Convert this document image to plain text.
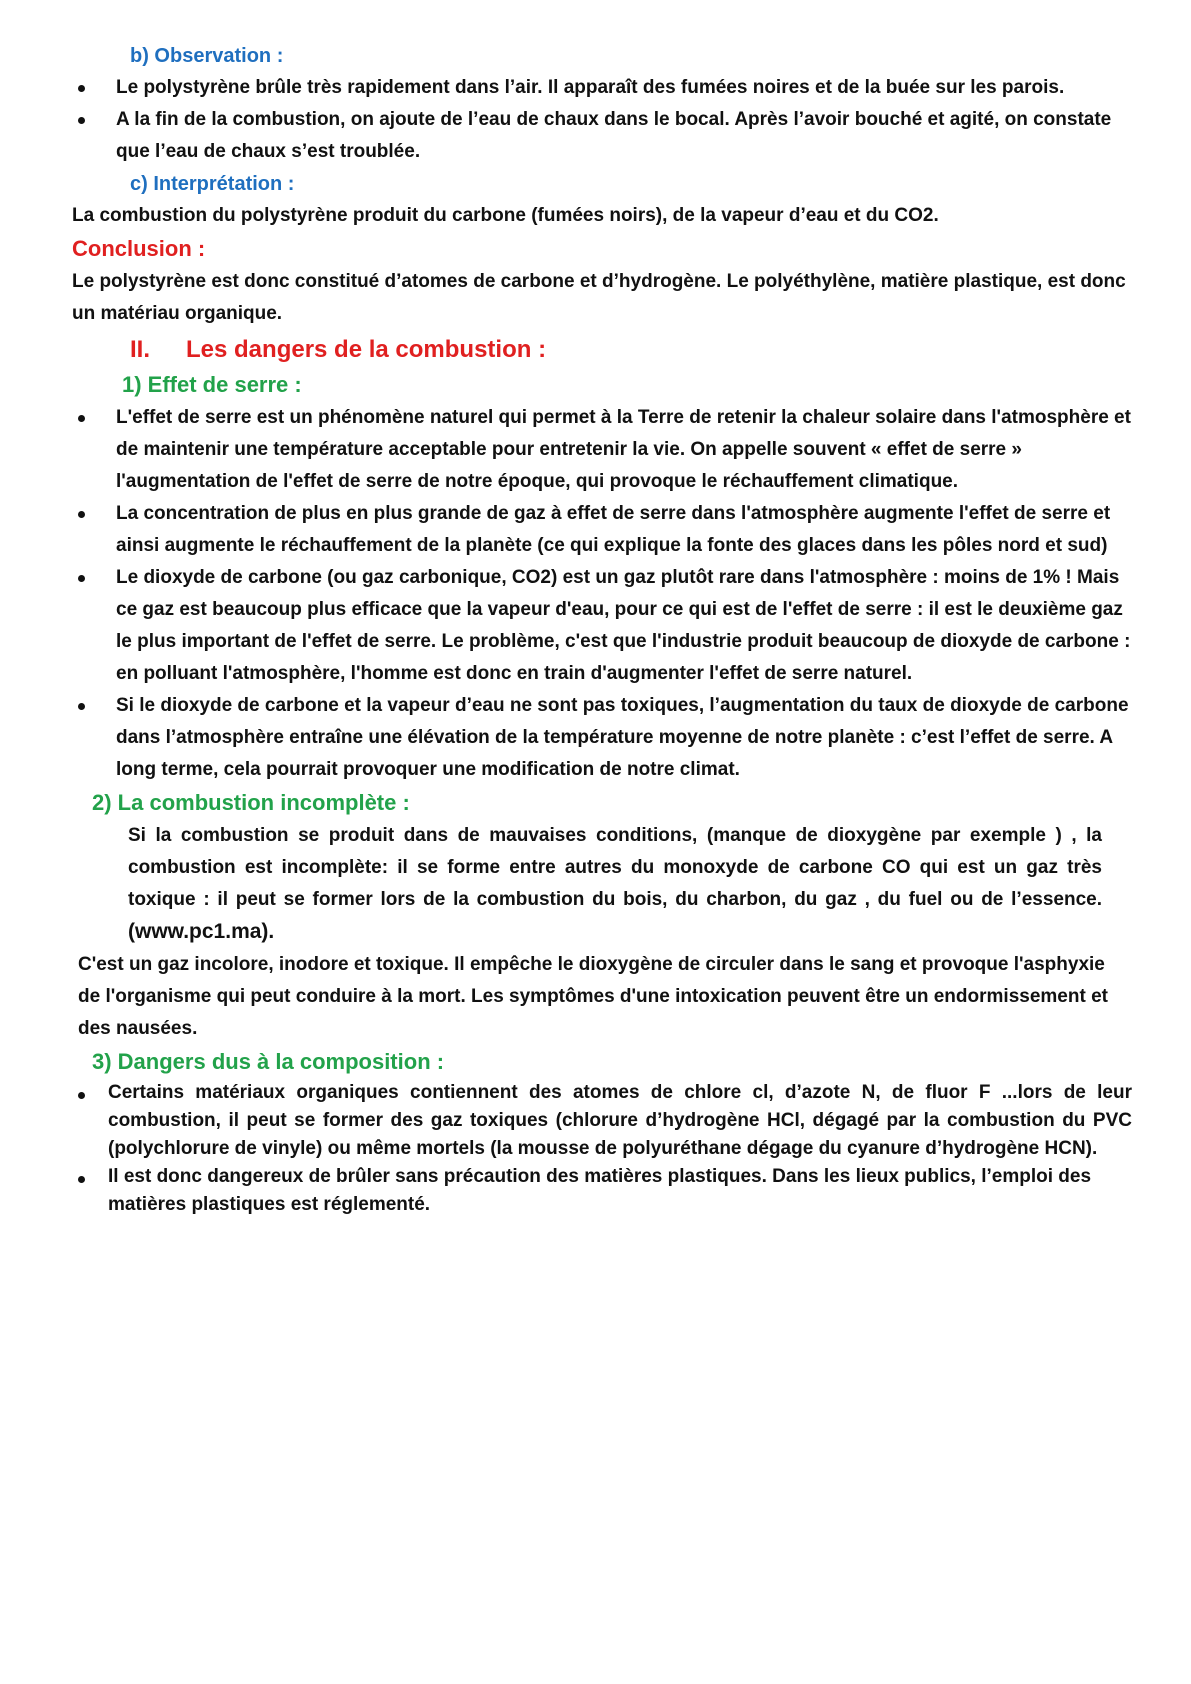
b) Observation :
Le polystyrène brûle très rapidement dans l’air. Il apparaît des fumées noires et de la buée sur les parois.
A la fin de la combustion, on ajoute de l’eau de chaux dans le bocal. Après l’avoir bouché et agité, on constate que l’eau de chaux s’est troublée.
c) Interprétation :
La combustion du polystyrène produit du carbone (fumées noirs), de la vapeur d’eau et du CO2.
Conclusion :
Le polystyrène est donc constitué d’atomes de carbone et d’hydrogène. Le polyéthylène, matière plastique, est donc un matériau organique.
II. Les dangers de la combustion :
1) Effet de serre :
L'effet de serre est un phénomène naturel qui permet à la Terre de retenir la chaleur solaire dans l'atmosphère et de maintenir une température acceptable pour entretenir la vie. On appelle souvent « effet de serre » l'augmentation de l'effet de serre de notre époque, qui provoque le réchauffement climatique.
La concentration de plus en plus grande de gaz à effet de serre dans l'atmosphère augmente l'effet de serre et ainsi augmente le réchauffement de la planète (ce qui explique la fonte des glaces dans les pôles nord et sud)
Le dioxyde de carbone (ou gaz carbonique, CO2) est un gaz plutôt rare dans l'atmosphère : moins de 1% ! Mais ce gaz est beaucoup plus efficace que la vapeur d'eau, pour ce qui est de l'effet de serre : il est le deuxième gaz le plus important de l'effet de serre. Le problème, c'est que l'industrie produit beaucoup de dioxyde de carbone : en polluant l'atmosphère, l'homme est donc en train d'augmenter l'effet de serre naturel.
Si le dioxyde de carbone et la vapeur d’eau ne sont pas toxiques, l’augmentation du taux de dioxyde de carbone dans l’atmosphère entraîne une élévation de la température moyenne de notre planète : c’est l’effet de serre. A long terme, cela pourrait provoquer une modification de notre climat.
2) La combustion incomplète :
Si la combustion se produit dans de mauvaises conditions, (manque de dioxygène par exemple ) , la combustion est incomplète: il se forme entre autres du monoxyde de carbone CO qui est un gaz très toxique : il peut se former lors de la combustion du bois, du charbon, du gaz , du fuel ou de l’essence. (www.pc1.ma).
C'est un gaz incolore, inodore et toxique. Il empêche le dioxygène de circuler dans le sang et provoque l'asphyxie de l'organisme qui peut conduire à la mort. Les symptômes d'une intoxication peuvent être un endormissement et des nausées.
3) Dangers dus à la composition :
Certains matériaux organiques contiennent des atomes de chlore cl, d’azote N, de fluor F ...lors de leur combustion, il peut se former des gaz toxiques (chlorure d’hydrogène HCl, dégagé par la combustion du PVC (polychlorure de vinyle) ou même mortels (la mousse de polyuréthane dégage du cyanure d’hydrogène HCN).
Il est donc dangereux de brûler sans précaution des matières plastiques. Dans les lieux publics, l’emploi des matières plastiques est réglementé.
